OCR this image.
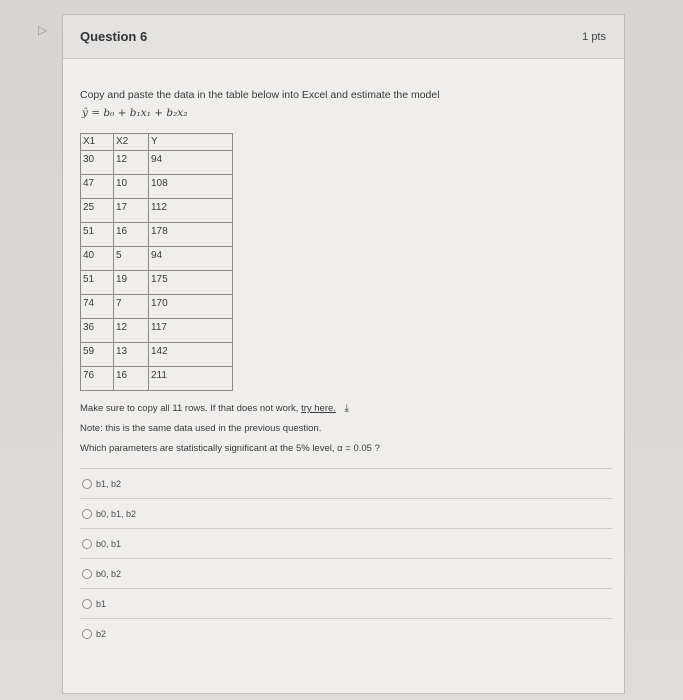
▷	Question 6	1 pts

Copy and paste the data in the table below into Excel and estimate the model

ŷ = b₀ + b₁x₁ + b₂x₂
X1	X2	Y
30	12	94
47	10	108
25	17	112
51	16	178
40	5	94
51	19	175
74	7	170
36	12	117
59	13	142
76	16	211
Make sure to copy all 11 rows. If that does not work, try here. ⤓
Note: this is the same data used in the previous question.
Which parameters are statistically significant at the 5% level, α = 0.05 ?
b1, b2
b0, b1, b2
b0, b1
b0, b2
b1
b2
